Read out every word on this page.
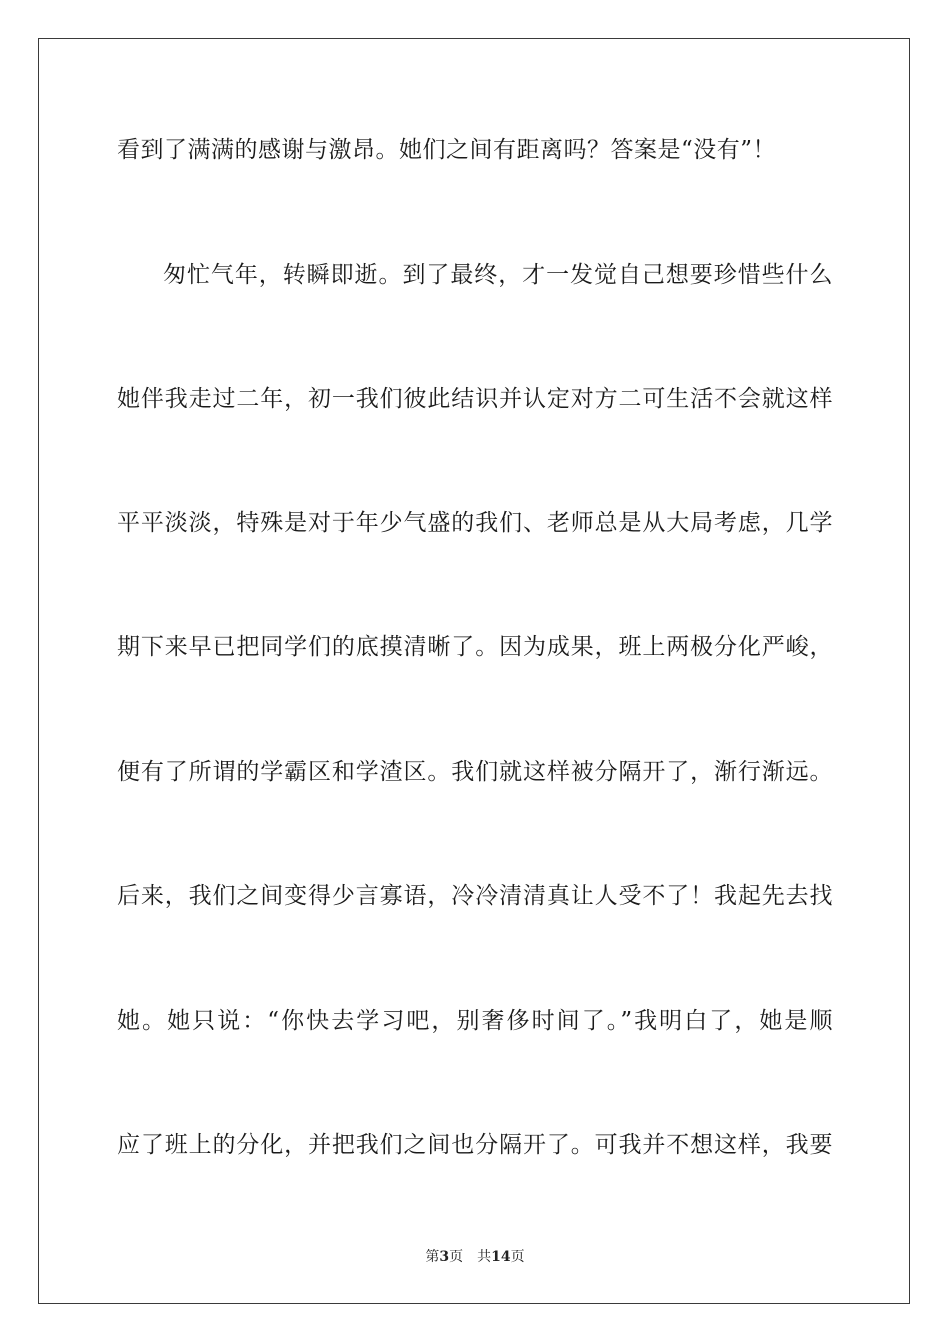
看到了满满的感谢与激昂。她们之间有距离吗？答案是“没有”！
匆忙气年，转瞬即逝。到了最终，才一发觉自己想要珍惜些什么
她伴我走过二年，初一我们彼此结识并认定对方二可生活不会就这样
平平淡淡，特殊是对于年少气盛的我们、老师总是从大局考虑，几学
期下来早已把同学们的底摸清晰了。因为成果，班上两极分化严峻，
便有了所谓的学霸区和学渣区。我们就这样被分隔开了，渐行渐远。
后来，我们之间变得少言寡语，冷冷清清真让人受不了！我起先去找
她。她只说：“你快去学习吧，别奢侈时间了。”我明白了，她是顺
应了班上的分化，并把我们之间也分隔开了。可我并不想这样，我要
第3页 共14页
